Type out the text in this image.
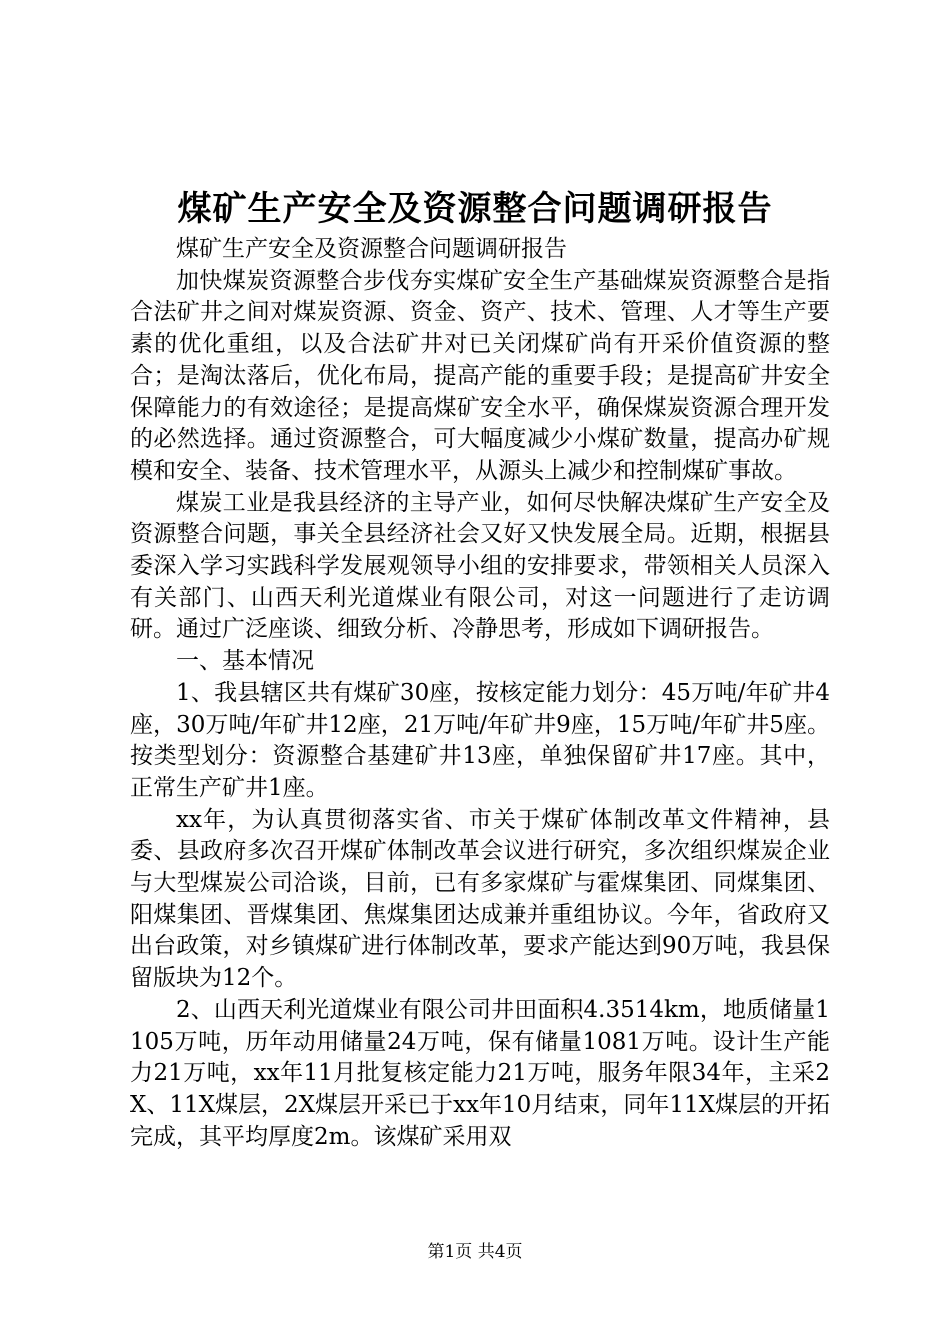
煤矿生产安全及资源整合问题调研报告

煤矿生产安全及资源整合问题调研报告

加快煤炭资源整合步伐夯实煤矿安全生产基础煤炭资源整合是指合法矿井之间对煤炭资源、资金、资产、技术、管理、人才等生产要素的优化重组，以及合法矿井对已关闭煤矿尚有开采价值资源的整合；是淘汰落后，优化布局，提高产能的重要手段；是提高矿井安全保障能力的有效途径；是提高煤矿安全水平，确保煤炭资源合理开发的必然选择。通过资源整合，可大幅度减少小煤矿数量，提高办矿规模和安全、装备、技术管理水平，从源头上减少和控制煤矿事故。

煤炭工业是我县经济的主导产业，如何尽快解决煤矿生产安全及资源整合问题，事关全县经济社会又好又快发展全局。近期，根据县委深入学习实践科学发展观领导小组的安排要求，带领相关人员深入有关部门、山西天利光道煤业有限公司，对这一问题进行了走访调研。通过广泛座谈、细致分析、冷静思考，形成如下调研报告。

一、基本情况

1、我县辖区共有煤矿30座，按核定能力划分：45万吨/年矿井4座，30万吨/年矿井12座，21万吨/年矿井9座，15万吨/年矿井5座。按类型划分：资源整合基建矿井13座，单独保留矿井17座。其中，正常生产矿井1座。

xx年，为认真贯彻落实省、市关于煤矿体制改革文件精神，县委、县政府多次召开煤矿体制改革会议进行研究，多次组织煤炭企业与大型煤炭公司洽谈，目前，已有多家煤矿与霍煤集团、同煤集团、阳煤集团、晋煤集团、焦煤集团达成兼并重组协议。今年，省政府又出台政策，对乡镇煤矿进行体制改革，要求产能达到90万吨，我县保留版块为12个。

2、山西天利光道煤业有限公司井田面积4.3514km，地质储量1105万吨，历年动用储量24万吨，保有储量1081万吨。设计生产能力21万吨，xx年11月批复核定能力21万吨，服务年限34年，主采2X、11X煤层，2X煤层开采已于xx年10月结束，同年11X煤层的开拓完成，其平均厚度2m。该煤矿采用双

第1页 共4页
